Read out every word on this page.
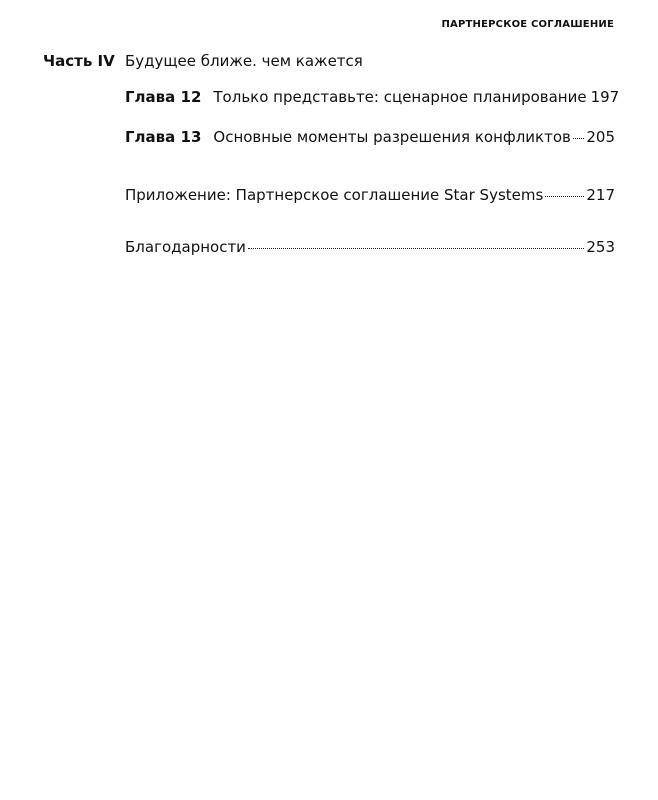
ПАРТНЕРСКОЕ СОГЛАШЕНИЕ
Часть IV Будущее ближе. чем кажется
Глава 12 Только представьте: сценарное планирование 197
Глава 13 Основные моменты разрешения конфликтов 205
Приложение: Партнерское соглашение Star Systems	217
Благодарности	253
